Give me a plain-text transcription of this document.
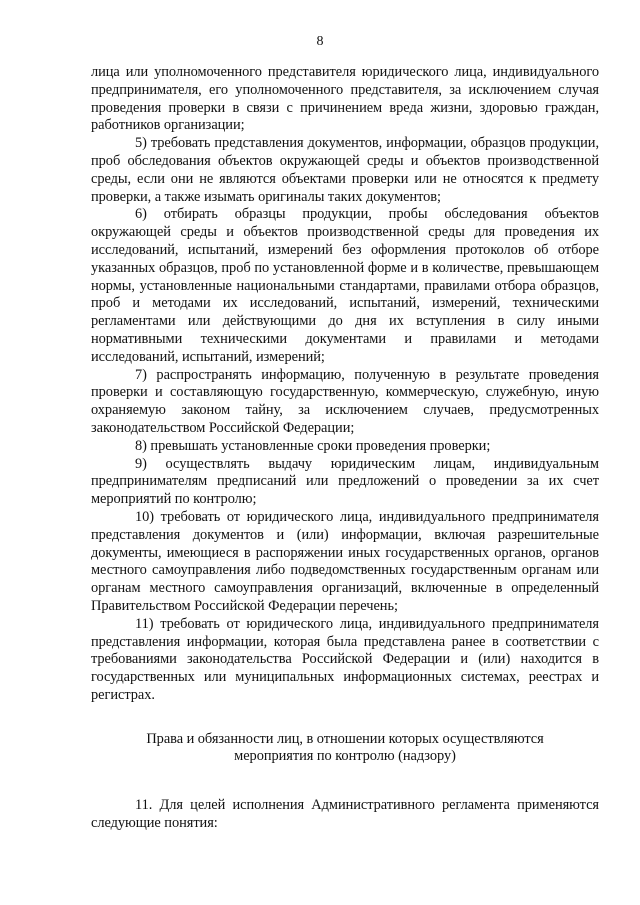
8

лица или уполномоченного представителя юридического лица, индивидуального предпринимателя, его уполномоченного представителя, за исключением случая проведения проверки в связи с причинением вреда жизни, здоровью граждан, работников организации;

5) требовать представления документов, информации, образцов продукции, проб обследования объектов окружающей среды и объектов производственной среды, если они не являются объектами проверки или не относятся к предмету проверки, а также изымать оригиналы таких документов;

6) отбирать образцы продукции, пробы обследования объектов окружающей среды и объектов производственной среды для проведения их исследований, испытаний, измерений без оформления протоколов об отборе указанных образцов, проб по установленной форме и в количестве, превышающем нормы, установленные национальными стандартами, правилами отбора образцов, проб и методами их исследований, испытаний, измерений, техническими регламентами или действующими до дня их вступления в силу иными нормативными техническими документами и правилами и методами исследований, испытаний, измерений;

7) распространять информацию, полученную в результате проведения проверки и составляющую государственную, коммерческую, служебную, иную охраняемую законом тайну, за исключением случаев, предусмотренных законодательством Российской Федерации;

8) превышать установленные сроки проведения проверки;

9) осуществлять выдачу юридическим лицам, индивидуальным предпринимателям предписаний или предложений о проведении за их счет мероприятий по контролю;

10) требовать от юридического лица, индивидуального предпринимателя представления документов и (или) информации, включая разрешительные документы, имеющиеся в распоряжении иных государственных органов, органов местного самоуправления либо подведомственных государственным органам или органам местного самоуправления организаций, включенные в определенный Правительством Российской Федерации перечень;

11) требовать от юридического лица, индивидуального предпринимателя представления информации, которая была представлена ранее в соответствии с требованиями законодательства Российской Федерации и (или) находится в государственных или муниципальных информационных системах, реестрах и регистрах.

Права и обязанности лиц, в отношении которых осуществляются мероприятия по контролю (надзору)

11. Для целей исполнения Административного регламента применяются следующие понятия:
